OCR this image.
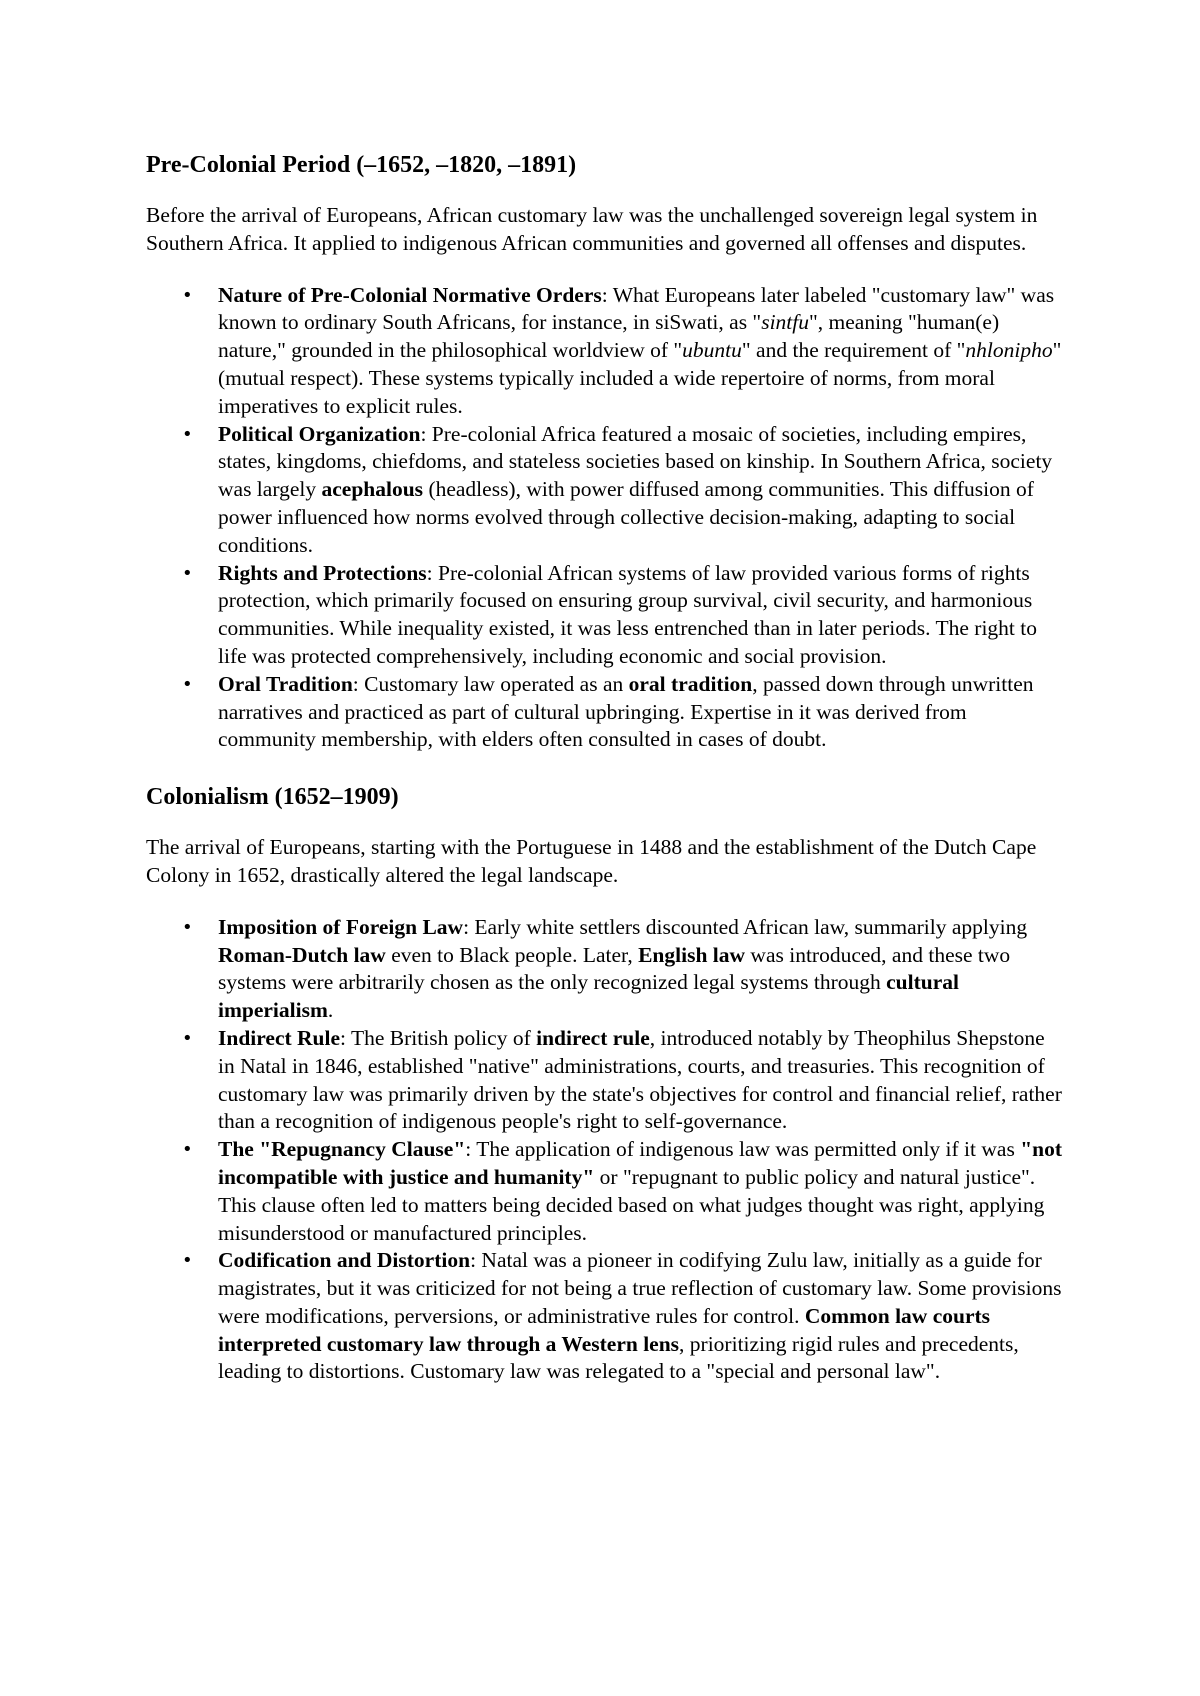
Pre-Colonial Period (–1652, –1820, –1891)

Before the arrival of Europeans, African customary law was the unchallenged sovereign legal system in Southern Africa. It applied to indigenous African communities and governed all offenses and disputes.

• Nature of Pre-Colonial Normative Orders: What Europeans later labeled "customary law" was known to ordinary South Africans, for instance, in siSwati, as "sintfu", meaning "human(e) nature," grounded in the philosophical worldview of "ubuntu" and the requirement of "nhlonipho" (mutual respect). These systems typically included a wide repertoire of norms, from moral imperatives to explicit rules.
• Political Organization: Pre-colonial Africa featured a mosaic of societies, including empires, states, kingdoms, chiefdoms, and stateless societies based on kinship. In Southern Africa, society was largely acephalous (headless), with power diffused among communities. This diffusion of power influenced how norms evolved through collective decision-making, adapting to social conditions.
• Rights and Protections: Pre-colonial African systems of law provided various forms of rights protection, which primarily focused on ensuring group survival, civil security, and harmonious communities. While inequality existed, it was less entrenched than in later periods. The right to life was protected comprehensively, including economic and social provision.
• Oral Tradition: Customary law operated as an oral tradition, passed down through unwritten narratives and practiced as part of cultural upbringing. Expertise in it was derived from community membership, with elders often consulted in cases of doubt.
Colonialism (1652–1909)

The arrival of Europeans, starting with the Portuguese in 1488 and the establishment of the Dutch Cape Colony in 1652, drastically altered the legal landscape.

• Imposition of Foreign Law: Early white settlers discounted African law, summarily applying Roman-Dutch law even to Black people. Later, English law was introduced, and these two systems were arbitrarily chosen as the only recognized legal systems through cultural imperialism.
• Indirect Rule: The British policy of indirect rule, introduced notably by Theophilus Shepstone in Natal in 1846, established "native" administrations, courts, and treasuries. This recognition of customary law was primarily driven by the state's objectives for control and financial relief, rather than a recognition of indigenous people's right to self-governance.
• The "Repugnancy Clause": The application of indigenous law was permitted only if it was "not incompatible with justice and humanity" or "repugnant to public policy and natural justice". This clause often led to matters being decided based on what judges thought was right, applying misunderstood or manufactured principles.
• Codification and Distortion: Natal was a pioneer in codifying Zulu law, initially as a guide for magistrates, but it was criticized for not being a true reflection of customary law. Some provisions were modifications, perversions, or administrative rules for control. Common law courts interpreted customary law through a Western lens, prioritizing rigid rules and precedents, leading to distortions. Customary law was relegated to a "special and personal law".
